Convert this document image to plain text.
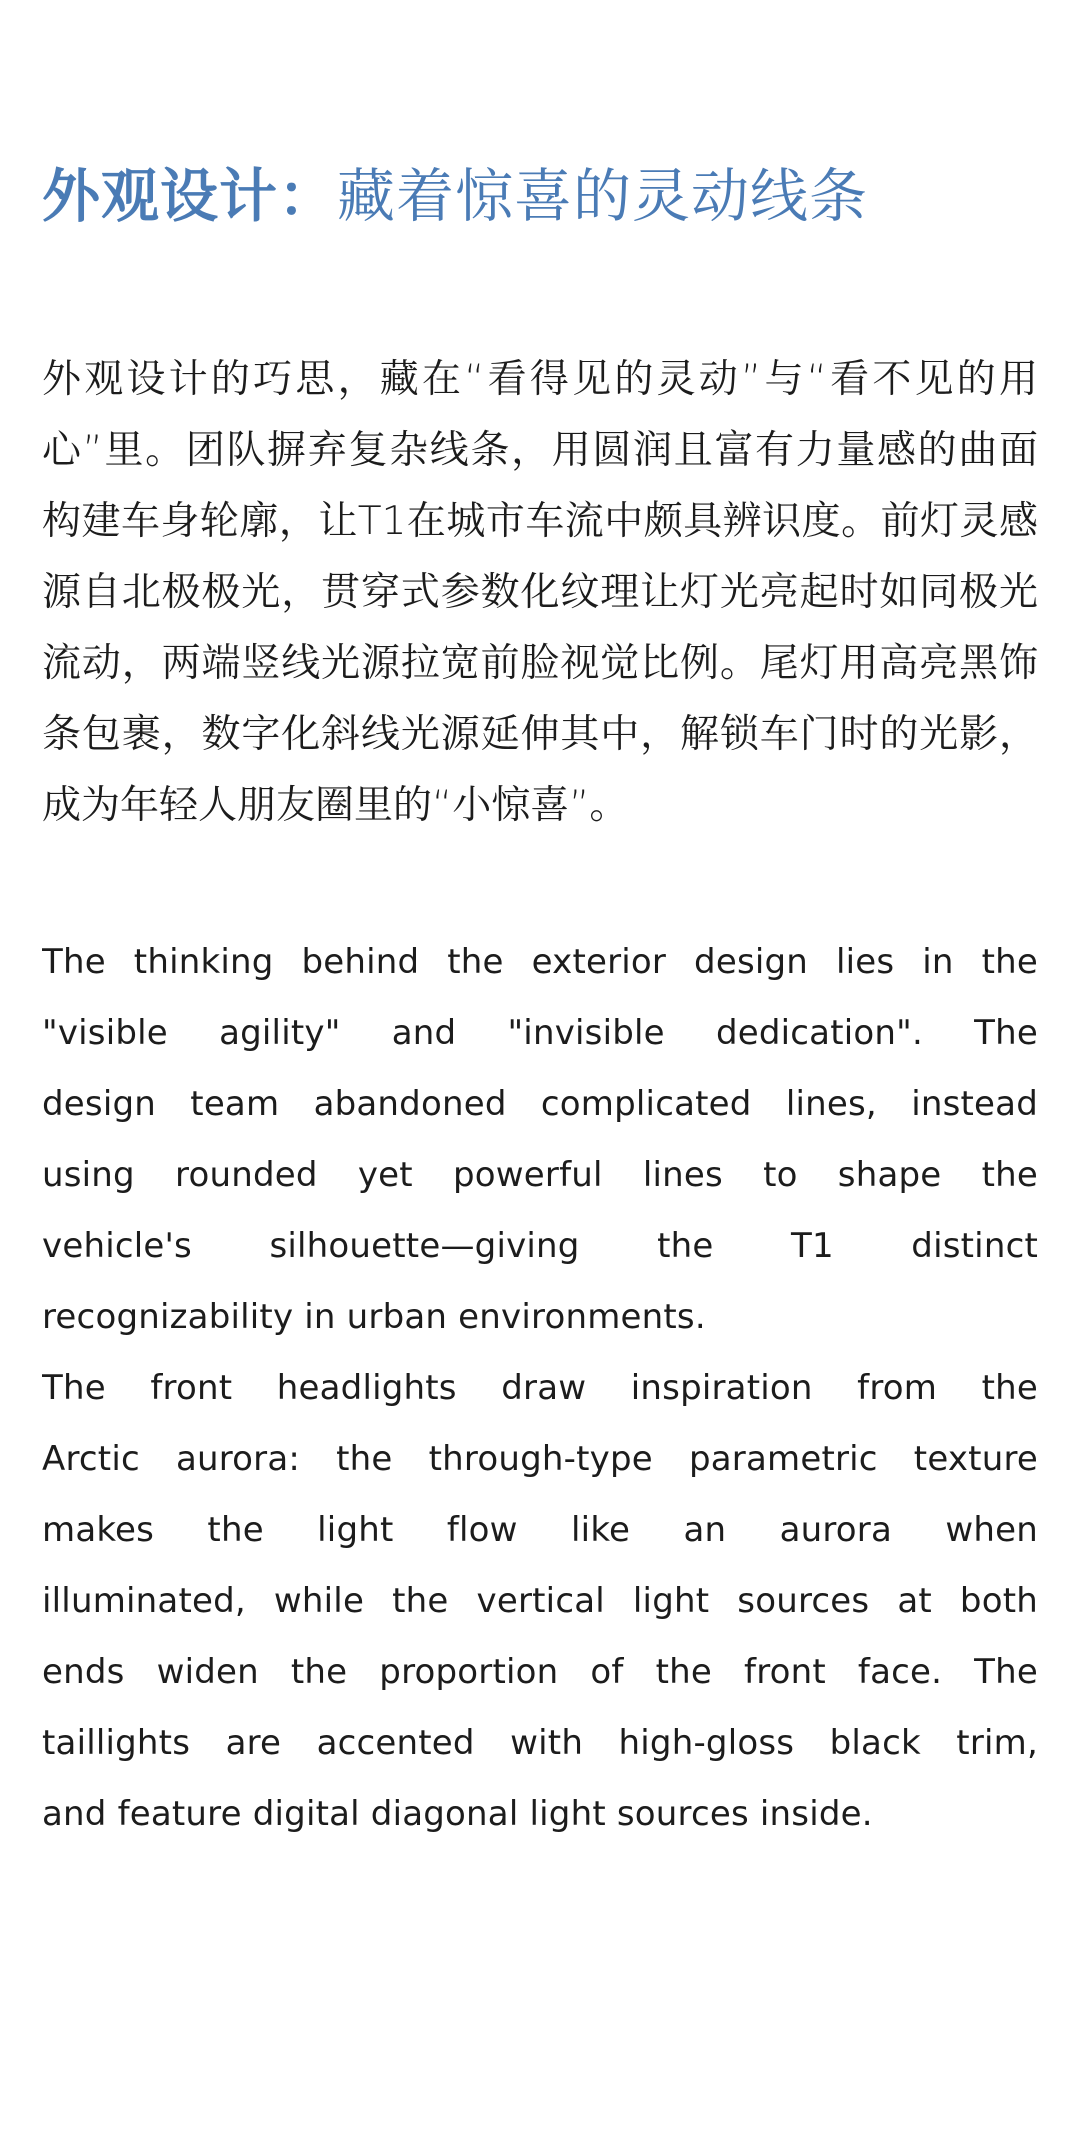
外观设计：藏着惊喜的灵动线条
外观设计的巧思，藏在“看得见的灵动”与“看不见的用
心”里。团队摒弃复杂线条，用圆润且富有力量感的曲面
构建车身轮廓，让T1在城市车流中颇具辨识度。前灯灵感
源自北极极光，贯穿式参数化纹理让灯光亮起时如同极光
流动，两端竖线光源拉宽前脸视觉比例。尾灯用高亮黑饰
条包裹，数字化斜线光源延伸其中，解锁车门时的光影，
成为年轻人朋友圈里的“小惊喜”。
The thinking behind the exterior design lies in the
"visible agility" and "invisible dedication". The
design team abandoned complicated lines, instead
using rounded yet powerful lines to shape the
vehicle's silhouette—giving the T1 distinct
recognizability in urban environments.
The front headlights draw inspiration from the
Arctic aurora: the through-type parametric texture
makes the light flow like an aurora when
illuminated, while the vertical light sources at both
ends widen the proportion of the front face. The
taillights are accented with high-gloss black trim,
and feature digital diagonal light sources inside.
